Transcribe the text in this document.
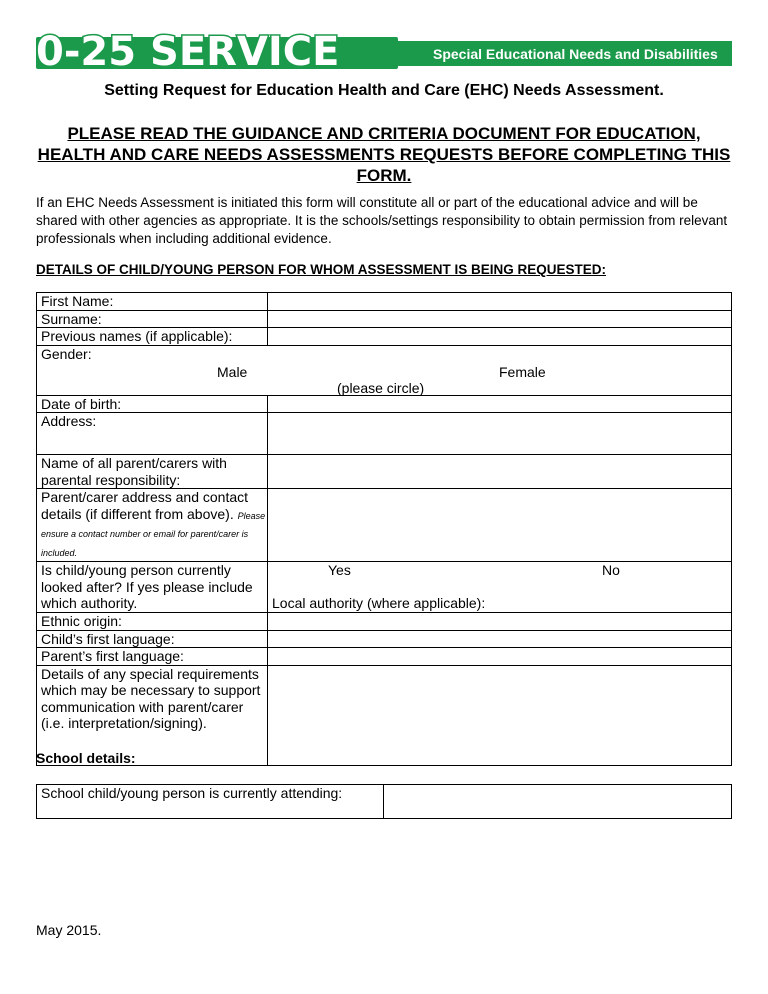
0-25 SERVICE	Special Educational Needs and Disabilities
Setting Request for Education Health and Care (EHC) Needs Assessment.
PLEASE READ THE GUIDANCE AND CRITERIA DOCUMENT FOR EDUCATION, HEALTH AND CARE NEEDS ASSESSMENTS REQUESTS BEFORE COMPLETING THIS FORM.
If an EHC Needs Assessment is initiated this form will constitute all or part of the educational advice and will be shared with other agencies as appropriate. It is the schools/settings responsibility to obtain permission from relevant professionals when including additional evidence.
DETAILS OF CHILD/YOUNG PERSON FOR WHOM ASSESSMENT IS BEING REQUESTED:
First Name:	
Surname:	
Previous names (if applicable):	

Gender:
Male Female
(please circle)	

Date of birth:	
Address:	
Name of all parent/carers with parental responsibility:	
Parent/carer address and contact details (if different from above). Please ensure a contact number or email for parent/carer is included.	
Is child/young person currently looked after? If yes please include which authority.	Yes No
Local authority (where applicable):

Ethnic origin:	
Child’s first language:	
Parent’s first language:	
Details of any special requirements which may be necessary to support communication with parent/carer (i.e. interpretation/signing).	
School details:
School child/young person is currently attending:	
May 2015.
